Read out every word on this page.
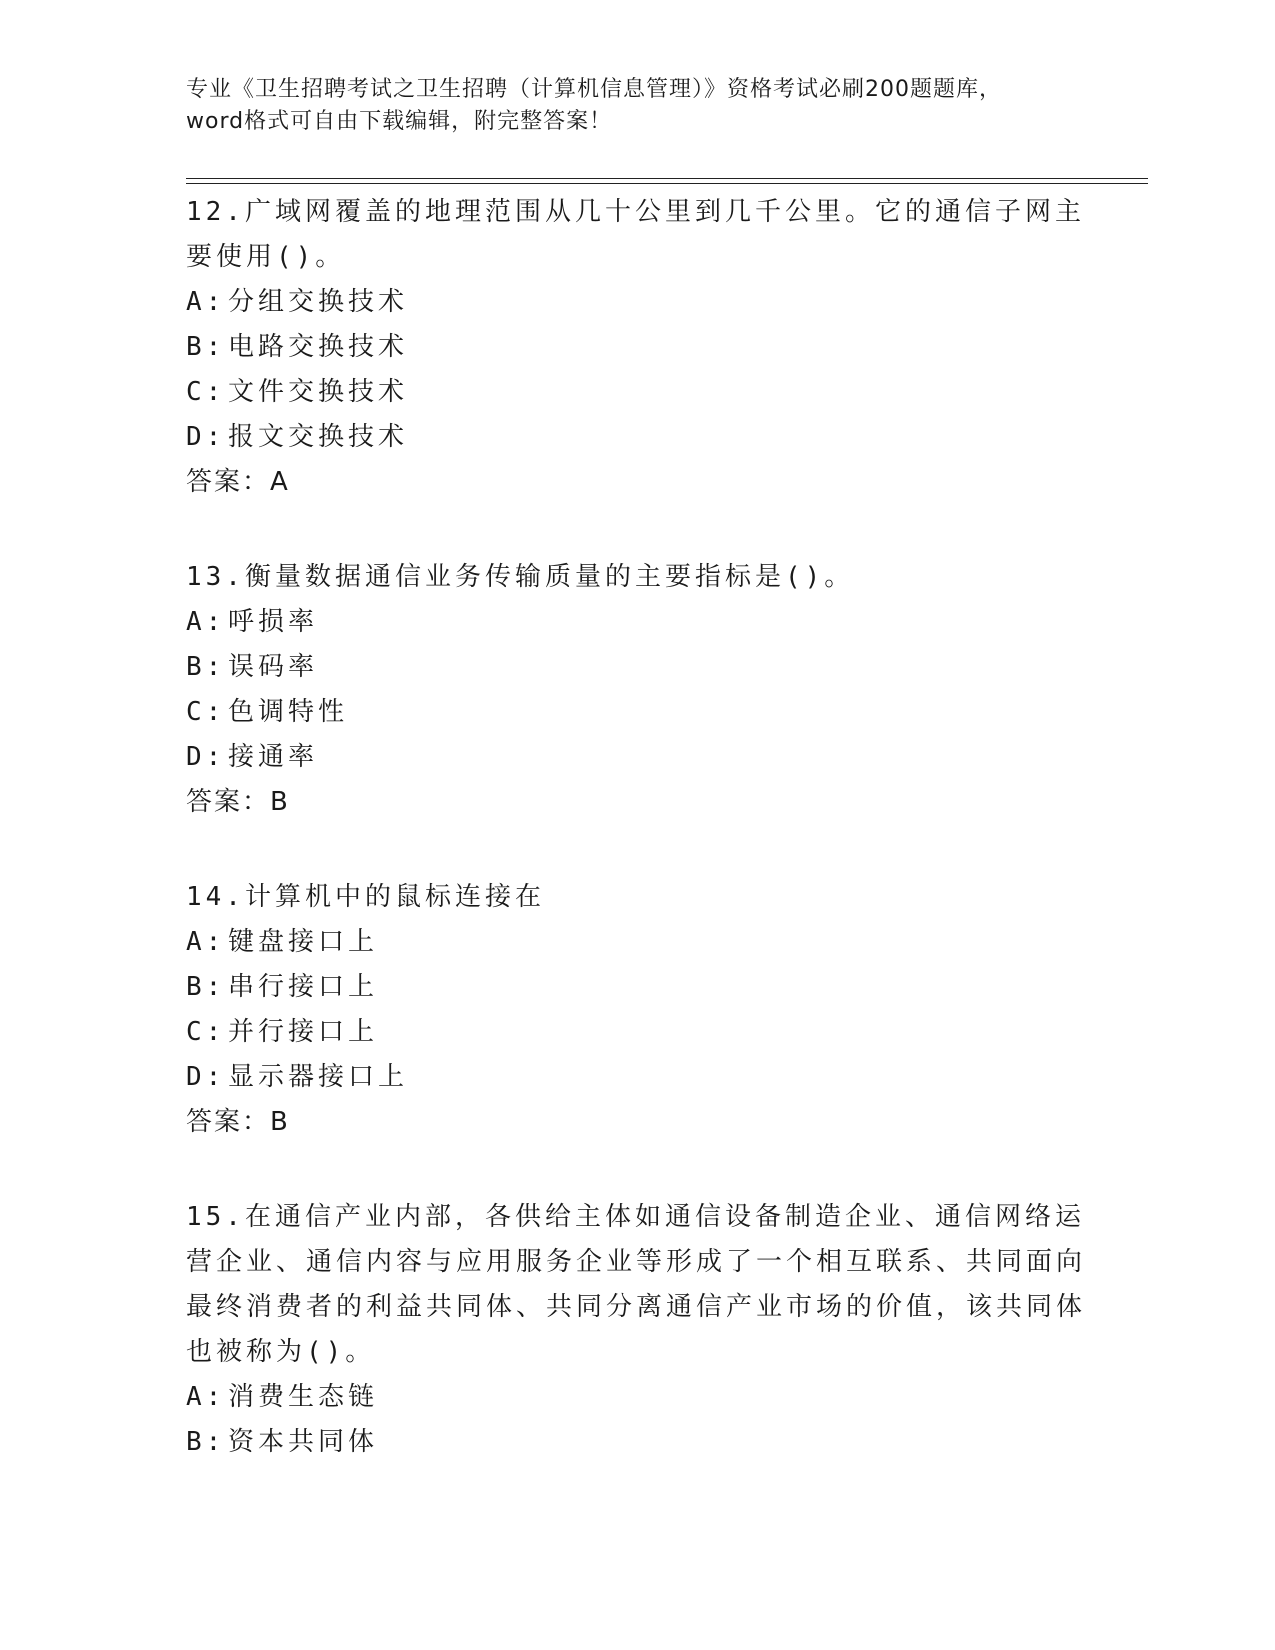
专业《卫生招聘考试之卫生招聘（计算机信息管理）》资格考试必刷200题题库，
word格式可自由下载编辑，附完整答案！

12.广域网覆盖的地理范围从几十公里到几千公里。它的通信子网主要使用()。

A: 分组交换技术
B: 电路交换技术
C: 文件交换技术
D: 报文交换技术
答案：A

13.衡量数据通信业务传输质量的主要指标是()。

A: 呼损率
B: 误码率
C: 色调特性
D: 接通率
答案：B

14.计算机中的鼠标连接在

A: 键盘接口上
B: 串行接口上
C: 并行接口上
D: 显示器接口上
答案：B

15.在通信产业内部，各供给主体如通信设备制造企业、通信网络运营企业、通信内容与应用服务企业等形成了一个相互联系、共同面向最终消费者的利益共同体、共同分离通信产业市场的价值，该共同体也被称为()。

A: 消费生态链
B: 资本共同体
